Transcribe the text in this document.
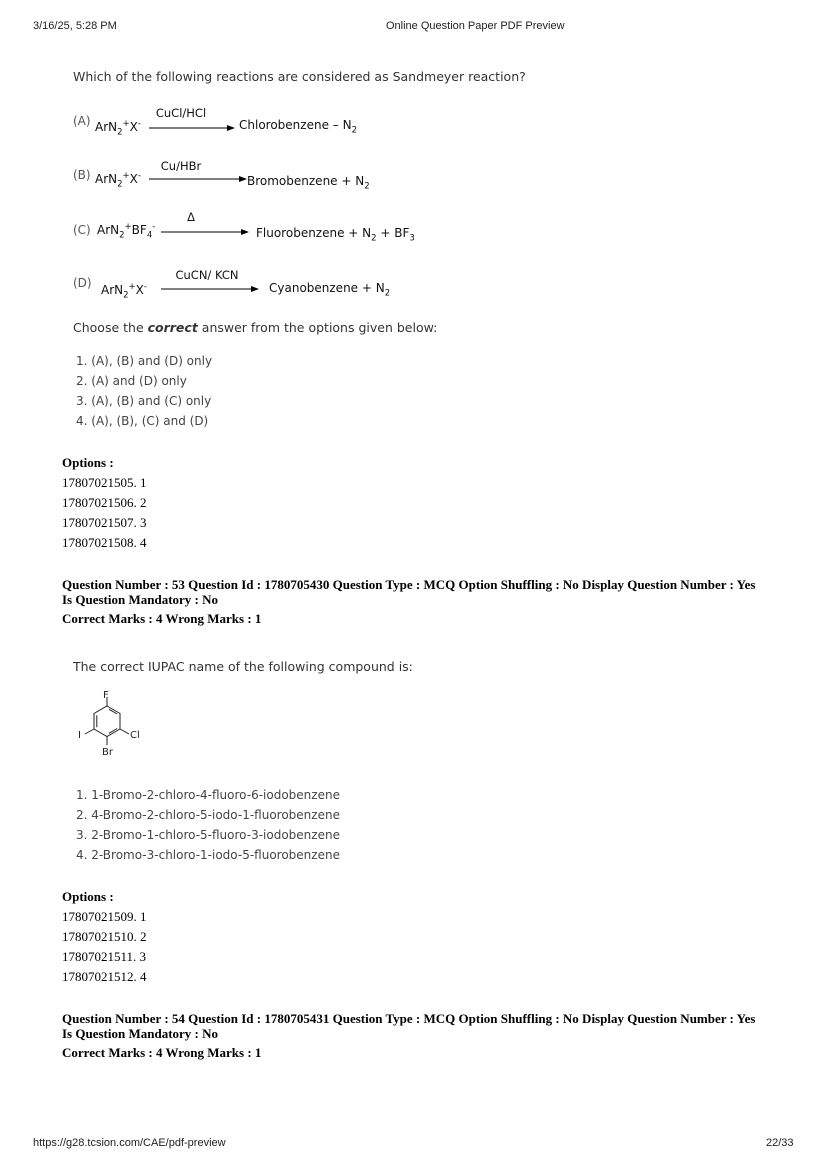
3/16/25, 5:28 PM	Online Question Paper PDF Preview
Which of the following reactions are considered as Sandmeyer reaction?
(A) ArN$_2$+X-
CuCl/HCl
Chlorobenzene – $N_2$
(B) ArN$_2$+X-
Cu/HBr
Bromobenzene + $N_2$
(C) $ArN_2^+BF_4^-$
Δ
Fluorobenzene + $N_2 + BF_3$
(D) ArN$_2$+X-
CuCN/ KCN
Cyanobenzene + $N_2$
Choose the correct answer from the options given below:
1. (A), (B) and (D) only
2. (A) and (D) only
3. (A), (B) and (C) only
4. (A), (B), (C) and (D)
Options :
17807021505. 1
17807021506. 2
17807021507. 3
17807021508. 4
Question Number : 53 Question Id : 1780705430 Question Type : MCQ Option Shuffling : No Display Question Number : Yes
Is Question Mandatory : No
Correct Marks : 4 Wrong Marks : 1
The correct IUPAC name of the following compound is:
F
I	Cl
Br
1. 1-Bromo-2-chloro-4-fluoro-6-iodobenzene
2. 4-Bromo-2-chloro-5-iodo-1-fluorobenzene
3. 2-Bromo-1-chloro-5-fluoro-3-iodobenzene
4. 2-Bromo-3-chloro-1-iodo-5-fluorobenzene
Options :
17807021509. 1
17807021510. 2
17807021511. 3
17807021512. 4
Question Number : 54 Question Id : 1780705431 Question Type : MCQ Option Shuffling : No Display Question Number : Yes
Is Question Mandatory : No
Correct Marks : 4 Wrong Marks : 1
https://g28.tcsion.com/CAE/pdf-preview	22/33
